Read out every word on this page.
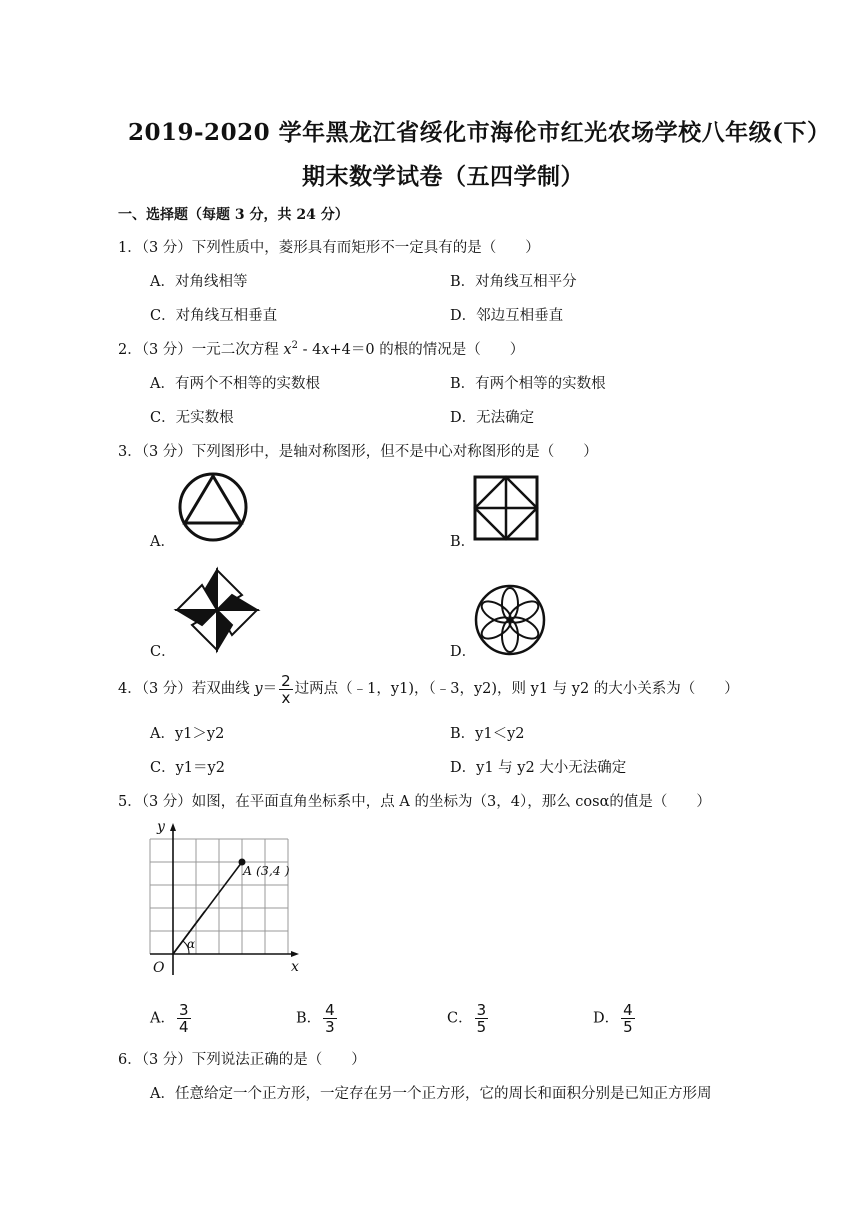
2019-2020 学年黑龙江省绥化市海伦市红光农场学校八年级(下）
期末数学试卷（五四学制）
一、选择题（每题 3 分，共 24 分）
1．（3 分）下列性质中，菱形具有而矩形不一定具有的是（　　）
A．对角线相等	B．对角线互相平分
C．对角线互相垂直	D．邻边互相垂直
2．（3 分）一元二次方程 $x^2$ ‑ 4x+4＝0 的根的情况是（　　）
A．有两个不相等的实数根	B．有两个相等的实数根
C．无实数根	D．无法确定
3．（3 分）下列图形中，是轴对称图形，但不是中心对称图形的是（　　）
A．	B．
C．	D．
4．（3 分）若双曲线 $y= \frac{2}{x}$ 过两点（﹣1，y1)，（﹣3，y2)，则 y1 与 y2 的大小关系为（　　）
A．y1＞y2	B．y1＜y2
C．y1＝y2	D．y1 与 y2 大小无法确定
5．（3 分）如图，在平面直角坐标系中，点 A 的坐标为（3，4），那么 cosα的值是（　　）
y
x
O
A (3,4 )
α
A． $\frac{3}{4}$	B． $\frac{4}{3}$	C． $\frac{3}{5}$	D． $\frac{4}{5}$
6．（3 分）下列说法正确的是（　　）
A．任意给定一个正方形，一定存在另一个正方形，它的周长和面积分别是已知正方形周
